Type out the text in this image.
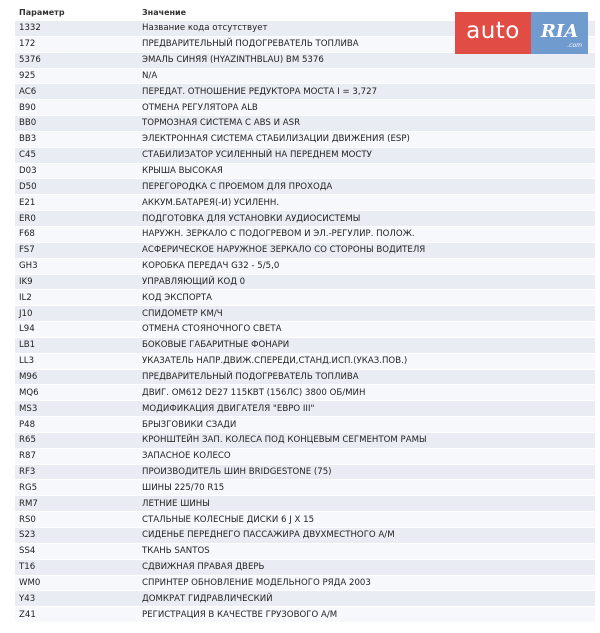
Параметр	Значение
1332	Название кода отсутствует
172	ПРЕДВАРИТЕЛЬНЫЙ ПОДОГРЕВАТЕЛЬ ТОПЛИВА
5376	ЭМАЛЬ СИНЯЯ (HYAZINTHBLAU) BM 5376
925	N/A
AC6	ПЕРЕДАТ. ОТНОШЕНИЕ РЕДУКТОРА МОСТА I = 3,727
B90	ОТМЕНА РЕГУЛЯТОРА ALB
BB0	ТОРМОЗНАЯ СИСТЕМА С ABS И ASR
BB3	ЭЛЕКТРОННАЯ СИСТЕМА СТАБИЛИЗАЦИИ ДВИЖЕНИЯ (ESP)
C45	СТАБИЛИЗАТОР УСИЛЕННЫЙ НА ПЕРЕДНЕМ МОСТУ
D03	КРЫША ВЫСОКАЯ
D50	ПЕРЕГОРОДКА С ПРОЕМОМ ДЛЯ ПРОХОДА
E21	АККУМ.БАТАРЕЯ(-И) УСИЛЕНН.
ER0	ПОДГОТОВКА ДЛЯ УСТАНОВКИ АУДИОСИСТЕМЫ
F68	НАРУЖН. ЗЕРКАЛО С ПОДОГРЕВОМ И ЭЛ.-РЕГУЛИР. ПОЛОЖ.
FS7	АСФЕРИЧЕСКОЕ НАРУЖНОЕ ЗЕРКАЛО СО СТОРОНЫ ВОДИТЕЛЯ
GH3	КОРОБКА ПЕРЕДАЧ G32 - 5/5,0
IK9	УПРАВЛЯЮЩИЙ КОД 0
IL2	КОД ЭКСПОРТА
J10	СПИДОМЕТР КМ/Ч
L94	ОТМЕНА СТОЯНОЧНОГО СВЕТА
LB1	БОКОВЫЕ ГАБАРИТНЫЕ ФОНАРИ
LL3	УКАЗАТЕЛЬ НАПР.ДВИЖ.СПЕРЕДИ,СТАНД.ИСП.(УКАЗ.ПОВ.)
M96	ПРЕДВАРИТЕЛЬНЫЙ ПОДОГРЕВАТЕЛЬ ТОПЛИВА
MQ6	ДВИГ. OM612 DE27 115KBT (156ЛС) 3800 ОБ/МИН
MS3	МОДИФИКАЦИЯ ДВИГАТЕЛЯ "ЕВРО III"
P48	БРЫЗГОВИКИ СЗАДИ
R65	КРОНШТЕЙН ЗАП. КОЛЕСА ПОД КОНЦЕВЫМ СЕГМЕНТОМ РАМЫ
R87	ЗАПАСНОЕ КОЛЕСО
RF3	ПРОИЗВОДИТЕЛЬ ШИН BRIDGESTONE (75)
RG5	ШИНЫ 225/70 R15
RM7	ЛЕТНИЕ ШИНЫ
RS0	СТАЛЬНЫЕ КОЛЕСНЫЕ ДИСКИ 6 J X 15
S23	СИДЕНЬЕ ПЕРЕДНЕГО ПАССАЖИРА ДВУХМЕСТНОГО А/М
SS4	ТКАНЬ SANTOS
T16	СДВИЖНАЯ ПРАВАЯ ДВЕРЬ
WM0	СПРИНТЕР ОБНОВЛЕНИЕ МОДЕЛЬНОГО РЯДА 2003
Y43	ДОМКРАТ ГИДРАВЛИЧЕСКИЙ
Z41	РЕГИСТРАЦИЯ В КАЧЕСТВЕ ГРУЗОВОГО А/М
auto	RIA
.com
